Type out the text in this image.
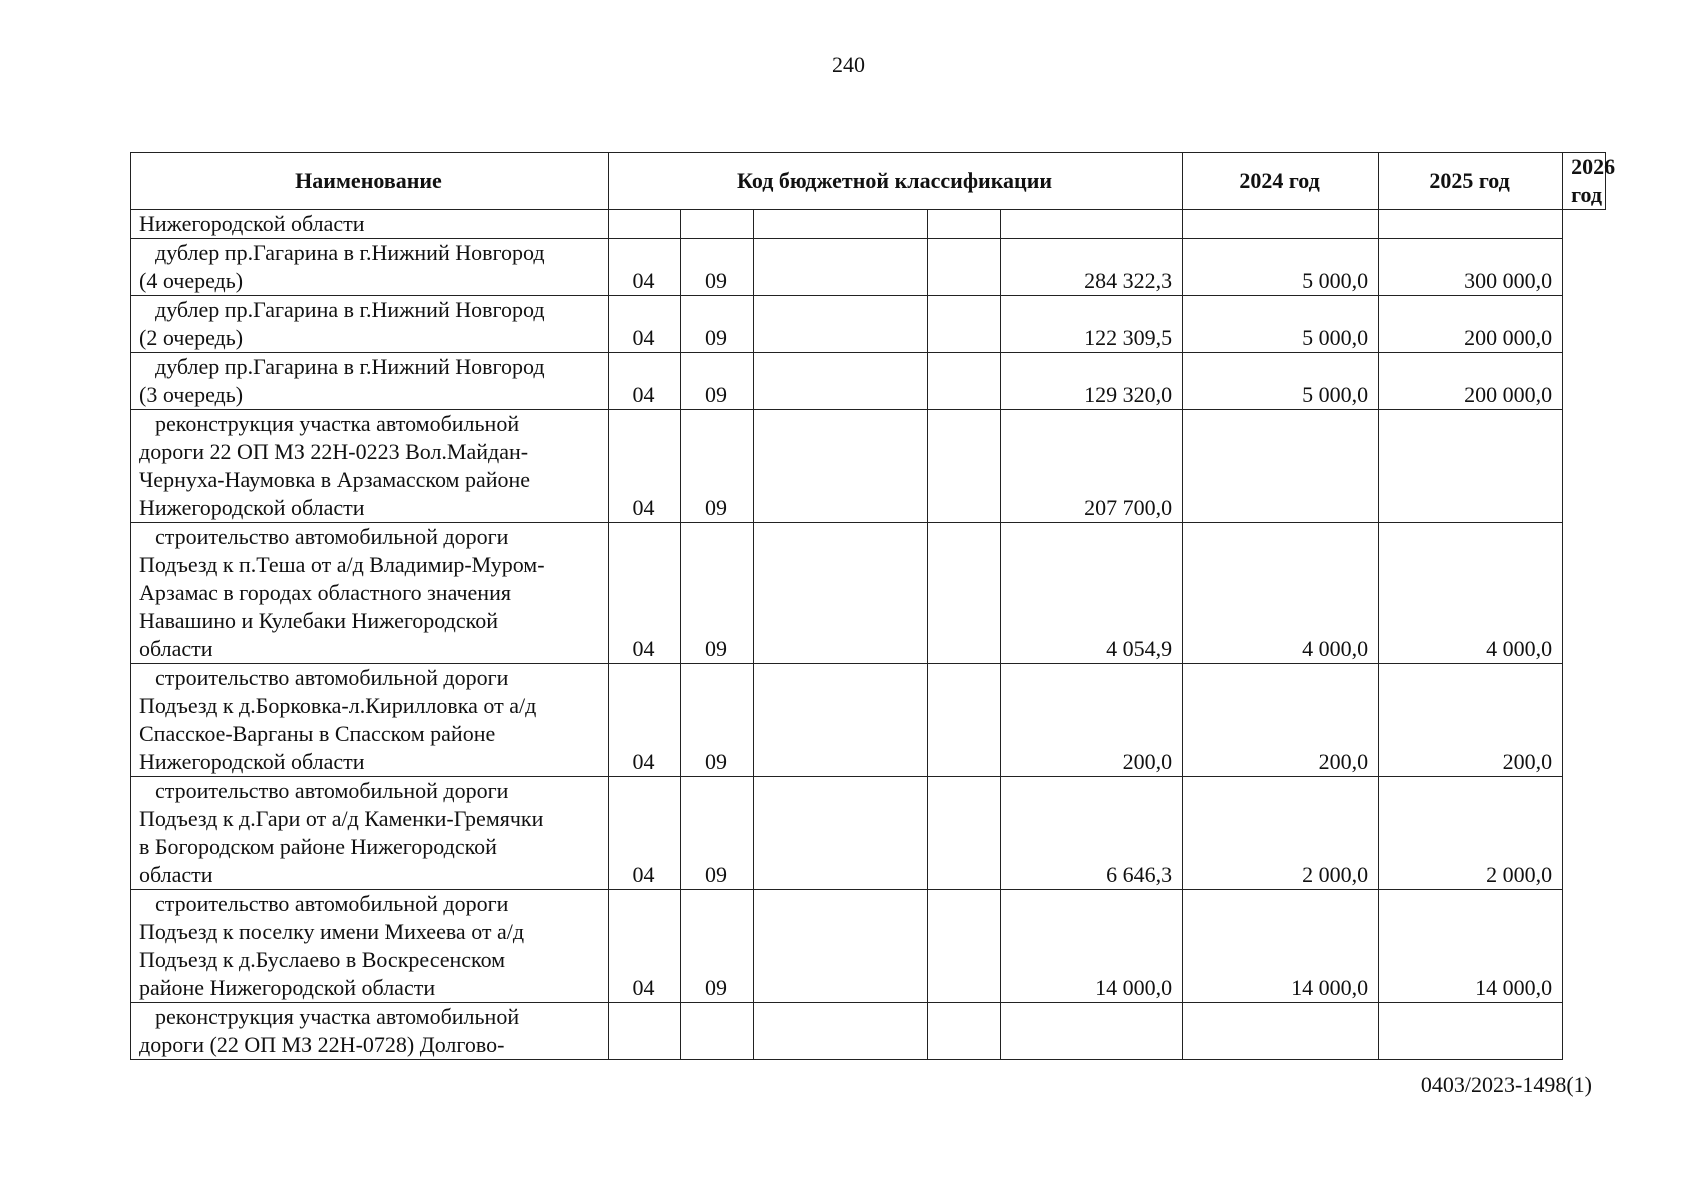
240
Наименование	Код бюджетной классификации					2024 год	2025 год	2026 год

Нижегородской области								

дублер пр.Гагарина в г.Нижний Новгород
(4 очередь)	04	09			284 322,3	5 000,0	300 000,0	

дублер пр.Гагарина в г.Нижний Новгород
(2 очередь)	04	09			122 309,5	5 000,0	200 000,0	

дублер пр.Гагарина в г.Нижний Новгород
(3 очередь)	04	09			129 320,0	5 000,0	200 000,0	

реконструкция участка автомобильной
дороги 22 ОП МЗ 22Н-0223 Вол.Майдан-
Чернуха-Наумовка в Арзамасском районе
Нижегородской области	04	09			207 700,0			

строительство автомобильной дороги
Подъезд к п.Теша от а/д Владимир-Муром-
Арзамас в городах областного значения
Навашино и Кулебаки Нижегородской
области	04	09			4 054,9	4 000,0	4 000,0	

строительство автомобильной дороги
Подъезд к д.Борковка-л.Кирилловка от а/д
Спасское-Варганы в Спасском районе
Нижегородской области	04	09			200,0	200,0	200,0	

строительство автомобильной дороги
Подъезд к д.Гари от а/д Каменки-Гремячки
в Богородском районе Нижегородской
области	04	09			6 646,3	2 000,0	2 000,0	

строительство автомобильной дороги
Подъезд к поселку имени Михеева от а/д
Подъезд к д.Буслаево в Воскресенском
районе Нижегородской области	04	09			14 000,0	14 000,0	14 000,0	

реконструкция участка автомобильной
дороги (22 ОП МЗ 22Н-0728) Долгово-								

0403/2023-1498(1)
